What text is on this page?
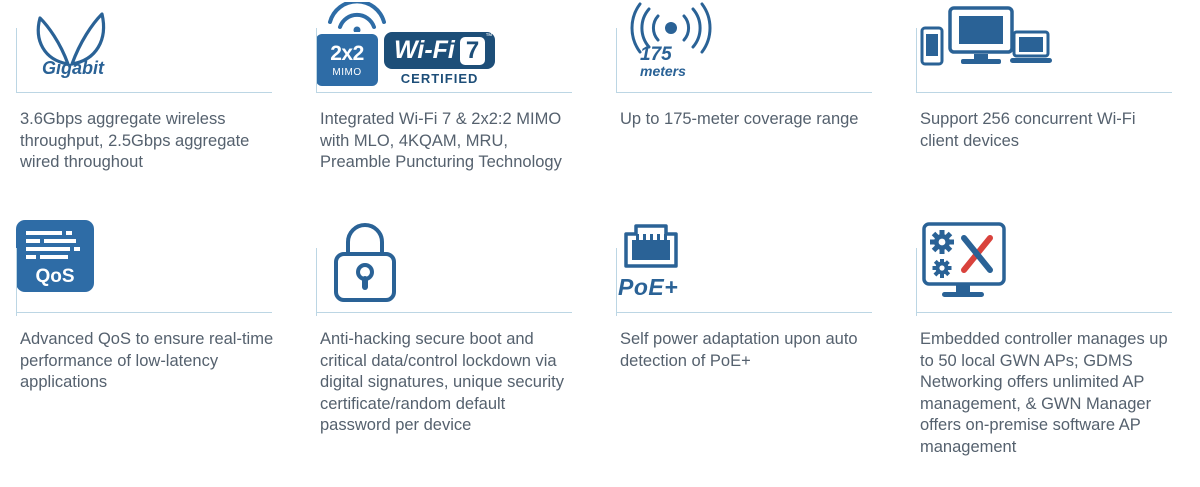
Gigabit
3.6Gbps aggregate wireless throughput, 2.5Gbps aggregate wired throughout
2x2
MIMO
™
Wi-Fi 7
CERTIFIED
Integrated Wi-Fi 7 & 2x2:2 MIMO with MLO, 4KQAM, MRU, Preamble Puncturing Technology
175
meters
Up to 175-meter coverage range	Support 256 concurrent Wi-Fi client devices
QoS
Advanced QoS to ensure real-time performance of low-latency applications
Anti-hacking secure boot and critical data/control lockdown via digital signatures, unique security certificate/random default password per device
PoE+
Self power adaptation upon auto detection of PoE+
Embedded controller manages up to 50 local GWN APs; GDMS Networking offers unlimited AP management, & GWN Manager offers on-premise software AP management
